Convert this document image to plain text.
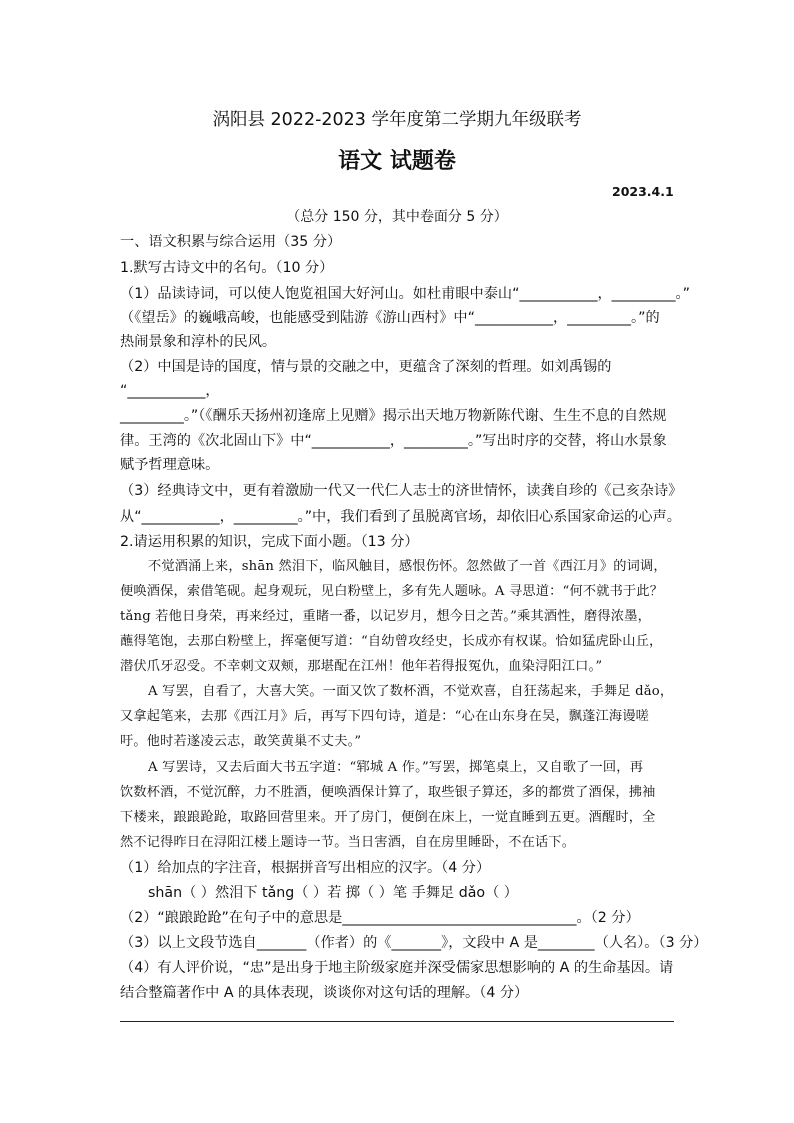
涡阳县 2022-2023 学年度第二学期九年级联考
语文 试题卷
2023.4.1
（总分 150 分，其中卷面分 5 分）
一、语文积累与综合运用（35 分）
1.默写古诗文中的名句。（10 分）
（1）品读诗词，可以使人饱览祖国大好河山。如杜甫眼中泰山“___________，_________。”
（《望岳》的巍峨高峻，也能感受到陆游《游山西村》中“___________，_________。”的
热闹景象和淳朴的民风。
（2）中国是诗的国度，情与景的交融之中，更蕴含了深刻的哲理。如刘禹锡的
“___________，
_________。”（《酬乐天扬州初逢席上见赠》揭示出天地万物新陈代谢、生生不息的自然规
律。王湾的《次北固山下》中“___________，_________。”写出时序的交替，将山水景象
赋予哲理意味。
（3）经典诗文中，更有着激励一代又一代仁人志士的济世情怀，读龚自珍的《己亥杂诗》
从“___________，_________。”中，我们看到了虽脱离官场，却依旧心系国家命运的心声。
2.请运用积累的知识，完成下面小题。（13 分）
不觉酒涌上来，shān 然泪下，临风触目，感恨伤怀。忽然做了一首《西江月》的词调，
便唤酒保，索借笔砚。起身观玩，见白粉壁上，多有先人题咏。A 寻思道：“何不就书于此？
tǎng 若他日身荣，再来经过，重睹一番，以记岁月，想今日之苦。”乘其酒性，磨得浓墨，
蘸得笔饱，去那白粉壁上，挥毫便写道：“自幼曾攻经史，长成亦有权谋。恰如猛虎卧山丘，
潜伏爪牙忍受。不幸刺文双颊，那堪配在江州！他年若得报冤仇，血染浔阳江口。”
A 写罢，自看了，大喜大笑。一面又饮了数杯酒，不觉欢喜，自狂荡起来，手舞足 dǎo，
又拿起笔来，去那《西江月》后，再写下四句诗，道是：“心在山东身在吴，飘蓬江海谩嗟
吁。他时若遂凌云志，敢笑黄巢不丈夫。”
A 写罢诗，又去后面大书五字道：“郓城 A 作。”写罢，掷笔桌上，又自歌了一回，再
饮数杯酒，不觉沉醉，力不胜酒，便唤酒保计算了，取些银子算还，多的都赏了酒保，拂袖
下楼来，踉踉跄跄，取路回营里来。开了房门，便倒在床上，一觉直睡到五更。酒醒时，全
然不记得昨日在浔阳江楼上题诗一节。当日害酒，自在房里睡卧，不在话下。
（1）给加点的字注音，根据拼音写出相应的汉字。（4 分）
shān（ ）然泪下 tǎng（ ）若 掷（ ）笔 手舞足 dǎo（ ）
（2）“踉踉跄跄”在句子中的意思是_________________________________。（2 分）
（3）以上文段节选自_______（作者）的《_______》，文段中 A 是________（人名）。（3 分）
（4）有人评价说，“忠”是出身于地主阶级家庭并深受儒家思想影响的 A 的生命基因。请
结合整篇著作中 A 的具体表现，谈谈你对这句话的理解。（4 分）
